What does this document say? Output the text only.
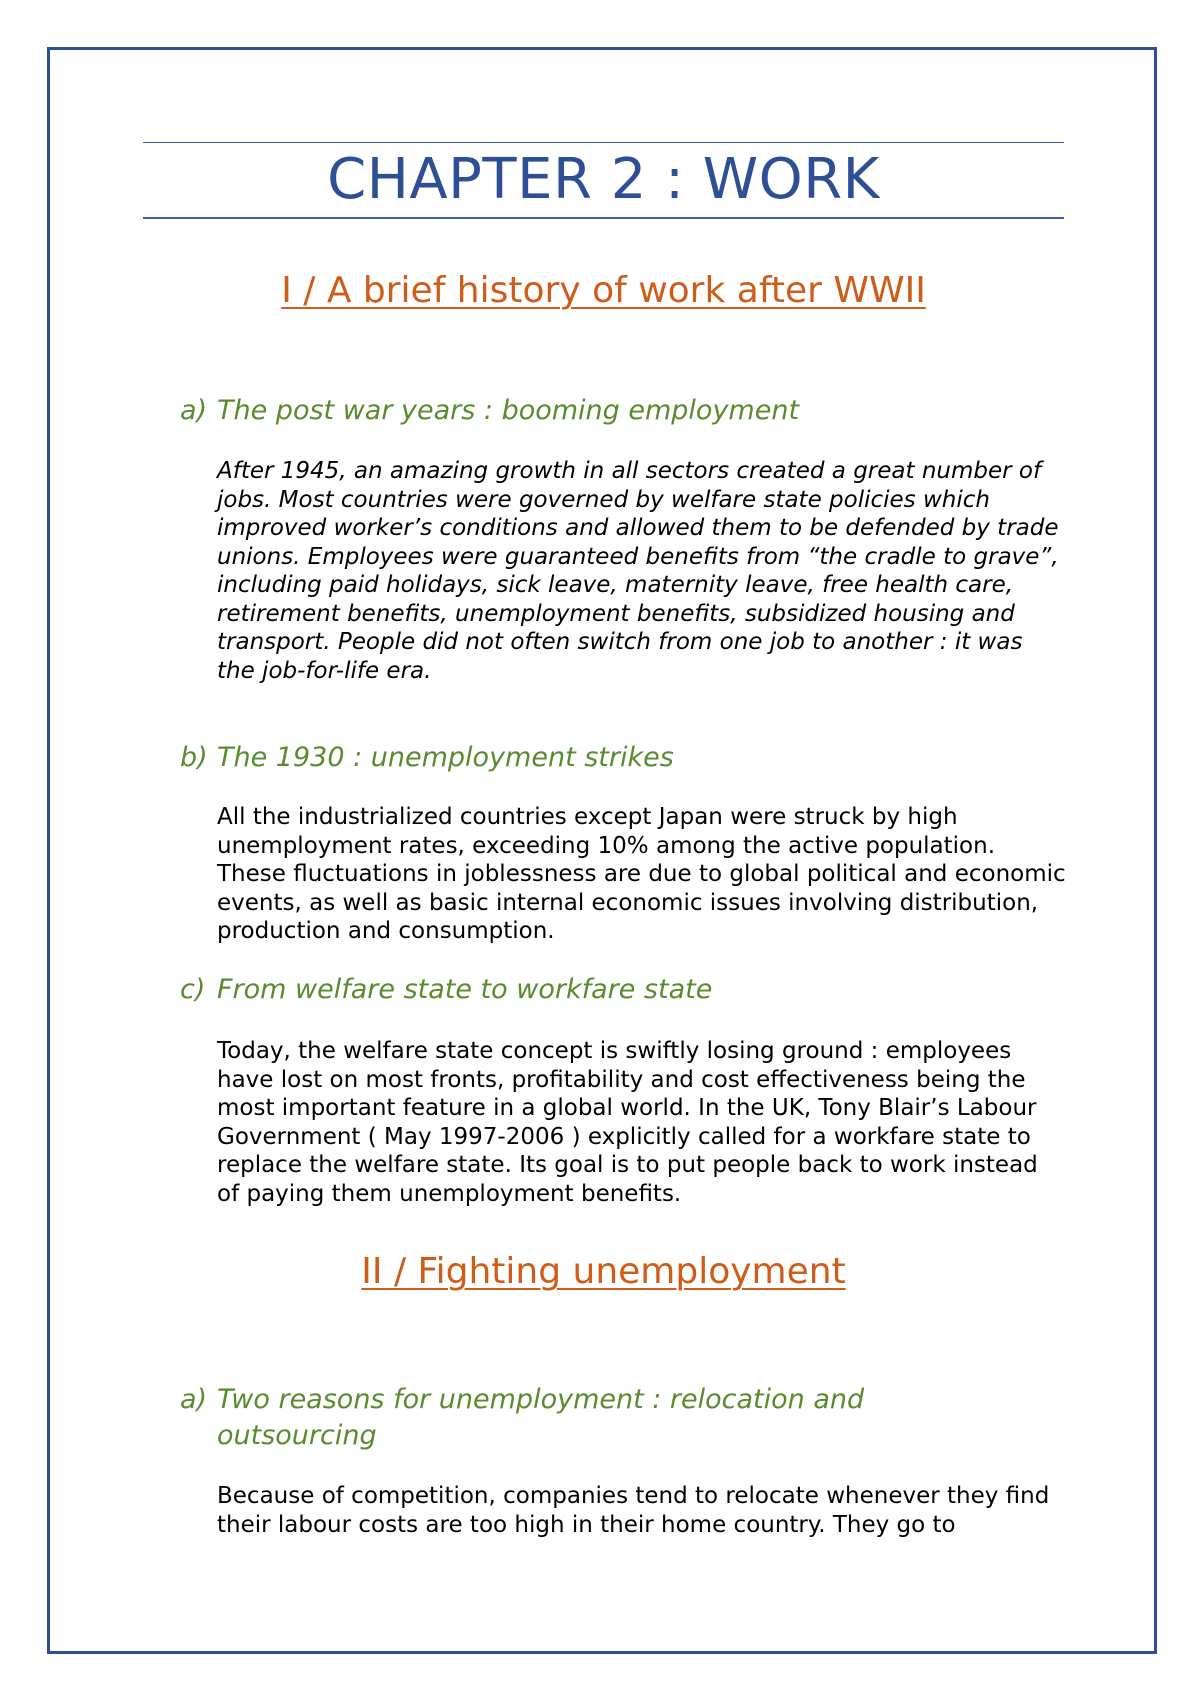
CHAPTER 2 : WORK
I / A brief history of work after WWII
a) The post war years : booming employment

After 1945, an amazing growth in all sectors created a great number of jobs. Most countries were governed by welfare state policies which improved worker’s conditions and allowed them to be defended by trade unions. Employees were guaranteed benefits from “the cradle to grave”, including paid holidays, sick leave, maternity leave, free health care, retirement benefits, unemployment benefits, subsidized housing and transport. People did not often switch from one job to another : it was the job-for-life era.

b) The 1930 : unemployment strikes

All the industrialized countries except Japan were struck by high unemployment rates, exceeding 10% among the active population. These fluctuations in joblessness are due to global political and economic events, as well as basic internal economic issues involving distribution, production and consumption.

c) From welfare state to workfare state

Today, the welfare state concept is swiftly losing ground : employees have lost on most fronts, profitability and cost effectiveness being the most important feature in a global world. In the UK, Tony Blair’s Labour Government ( May 1997-2006 ) explicitly called for a workfare state to replace the welfare state. Its goal is to put people back to work instead of paying them unemployment benefits.

II / Fighting unemployment
a) Two reasons for unemployment : relocation and outsourcing

Because of competition, companies tend to relocate whenever they find their labour costs are too high in their home country. They go to
